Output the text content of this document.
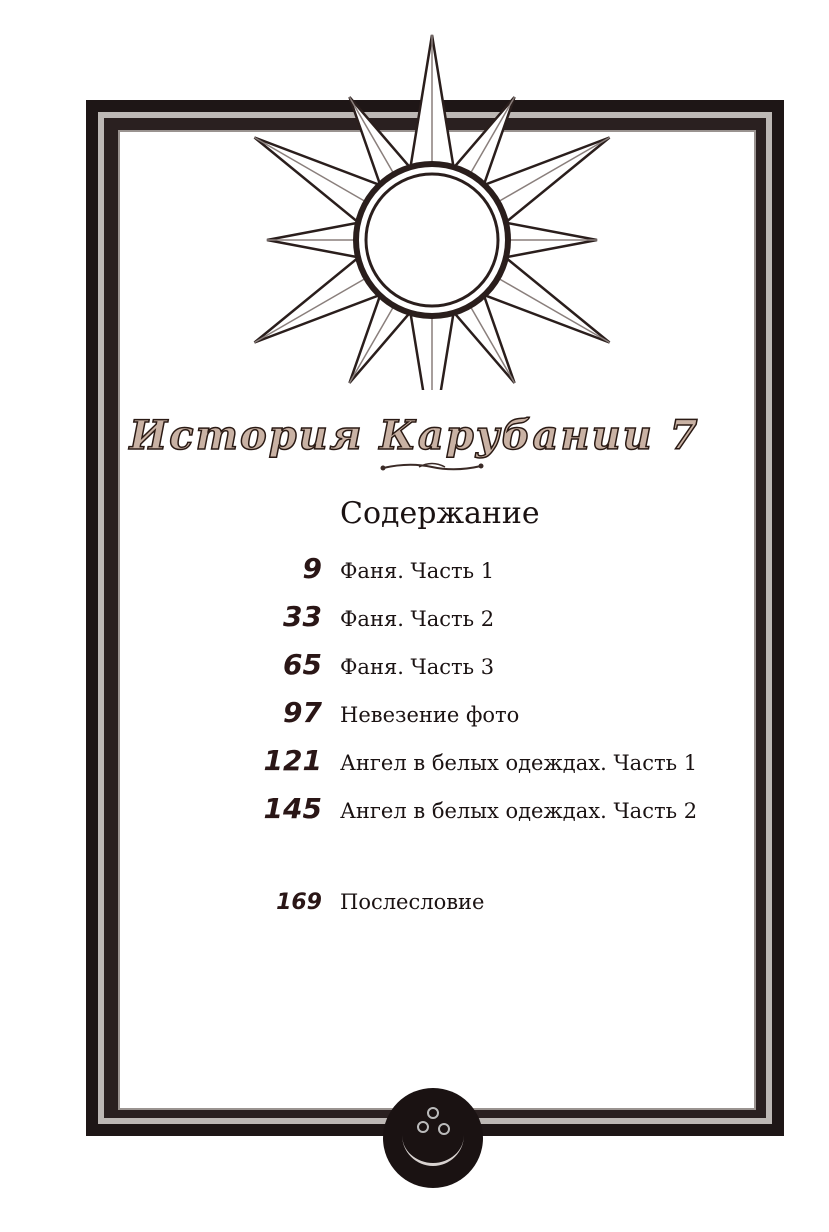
История Карубании 7
Содержание
9 Фаня. Часть 1
33 Фаня. Часть 2
65 Фаня. Часть 3
97 Невезение фото
121 Ангел в белых одеждах. Часть 1
145 Ангел в белых одеждах. Часть 2
169 Послесловие
